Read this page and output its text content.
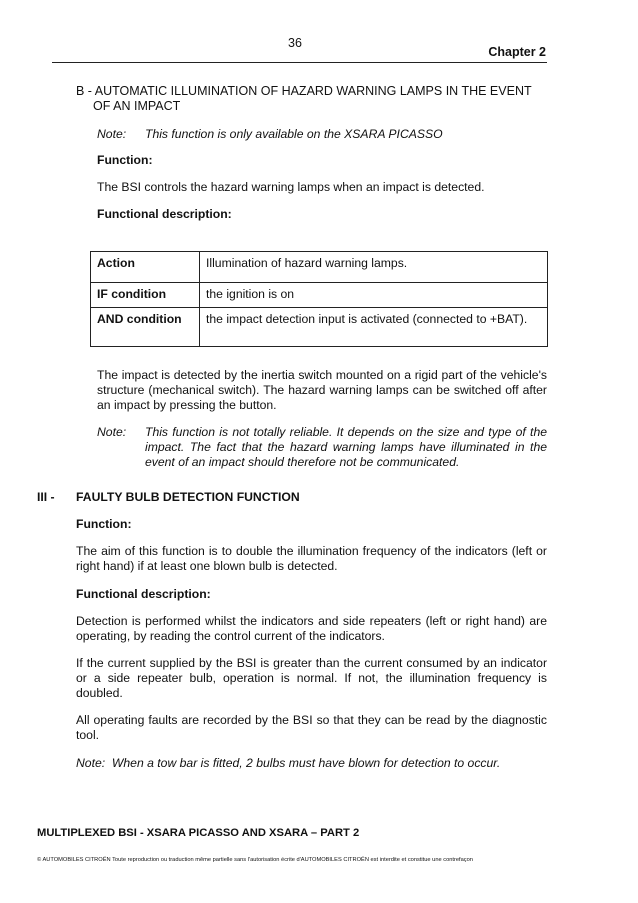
36
Chapter 2
B - AUTOMATIC ILLUMINATION OF HAZARD WARNING LAMPS IN THE EVENT
OF AN IMPACT
Note:	This function is only available on the XSARA PICASSO
Function:
The BSI controls the hazard warning lamps when an impact is detected.
Functional description:
Action	Illumination of hazard warning lamps.
IF condition	the ignition is on
AND condition	the impact detection input is activated (connected to +BAT).
The impact is detected by the inertia switch mounted on a rigid part of the vehicle's structure (mechanical switch). The hazard warning lamps can be switched off after an impact by pressing the button.
Note:	This function is not totally reliable. It depends on the size and type of the impact. The fact that the hazard warning lamps have illuminated in the event of an impact should therefore not be communicated.
III - FAULTY BULB DETECTION FUNCTION
Function:
The aim of this function is to double the illumination frequency of the indicators (left or right hand) if at least one blown bulb is detected.
Functional description:
Detection is performed whilst the indicators and side repeaters (left or right hand) are operating, by reading the control current of the indicators.
If the current supplied by the BSI is greater than the current consumed by an indicator or a side repeater bulb, operation is normal. If not, the illumination frequency is doubled.
All operating faults are recorded by the BSI so that they can be read by the diagnostic tool.
Note:  When a tow bar is fitted, 2 bulbs must have blown for detection to occur.
MULTIPLEXED BSI - XSARA PICASSO AND XSARA – PART 2
© AUTOMOBILES CITROËN Toute reproduction ou traduction même partielle sans l'autorisation écrite d'AUTOMOBILES CITROËN est interdite et constitue une contrefaçon
